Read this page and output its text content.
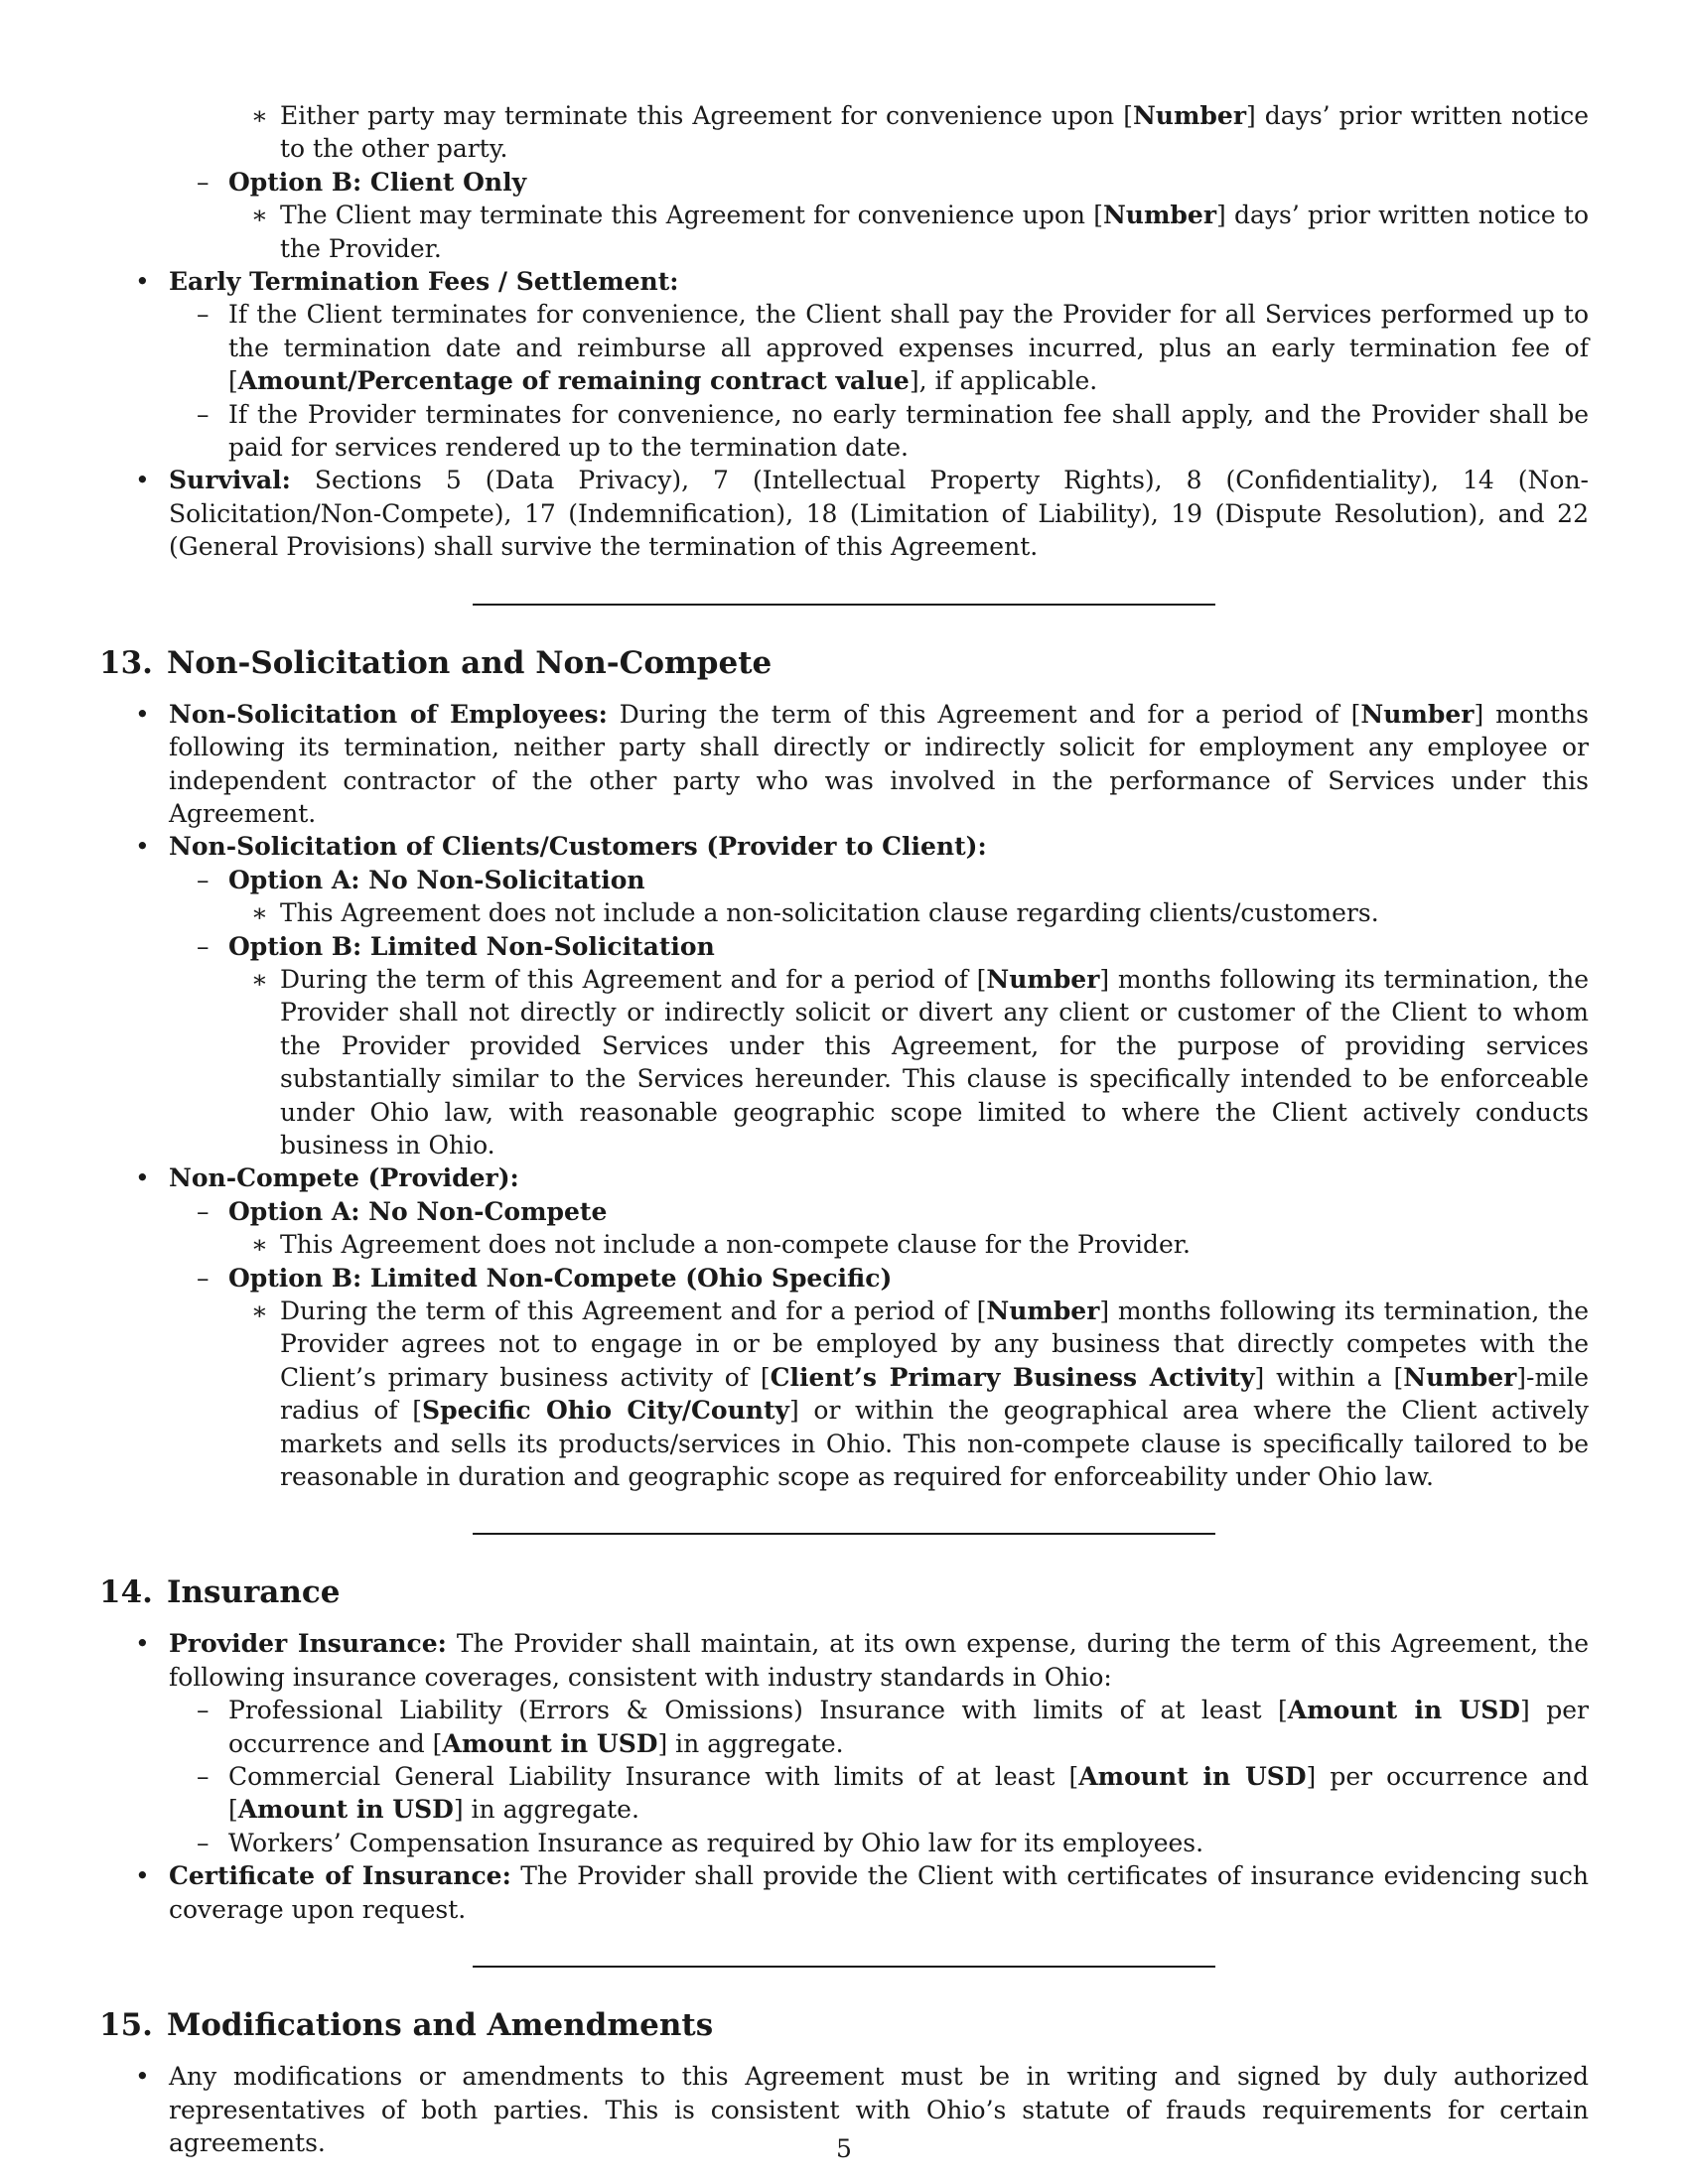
∗ Either party may terminate this Agreement for convenience upon [Number] days’ prior written notice to the other party.
– Option B: Client Only
∗ The Client may terminate this Agreement for convenience upon [Number] days’ prior written notice to the Provider.
• Early Termination Fees / Settlement:
– If the Client terminates for convenience, the Client shall pay the Provider for all Services performed up to the termination date and reimburse all approved expenses incurred, plus an early termination fee of [Amount/Percentage of remaining contract value], if applicable.
– If the Provider terminates for convenience, no early termination fee shall apply, and the Provider shall be paid for services rendered up to the termination date.
• Survival: Sections 5 (Data Privacy), 7 (Intellectual Property Rights), 8 (Confidentiality), 14 (Non-Solicitation/Non-Compete), 17 (Indemnification), 18 (Limitation of Liability), 19 (Dispute Resolution), and 22 (General Provisions) shall survive the termination of this Agreement.
13. Non-Solicitation and Non-Compete
• Non-Solicitation of Employees: During the term of this Agreement and for a period of [Number] months following its termination, neither party shall directly or indirectly solicit for employment any employee or independent contractor of the other party who was involved in the performance of Services under this Agreement.
• Non-Solicitation of Clients/Customers (Provider to Client):
– Option A: No Non-Solicitation
∗ This Agreement does not include a non-solicitation clause regarding clients/customers.
– Option B: Limited Non-Solicitation
∗ During the term of this Agreement and for a period of [Number] months following its termination, the Provider shall not directly or indirectly solicit or divert any client or customer of the Client to whom the Provider provided Services under this Agreement, for the purpose of providing services substantially similar to the Services hereunder. This clause is specifically intended to be enforceable under Ohio law, with reasonable geographic scope limited to where the Client actively conducts business in Ohio.
• Non-Compete (Provider):
– Option A: No Non-Compete
∗ This Agreement does not include a non-compete clause for the Provider.
– Option B: Limited Non-Compete (Ohio Specific)
∗ During the term of this Agreement and for a period of [Number] months following its termination, the Provider agrees not to engage in or be employed by any business that directly competes with the Client’s primary business activity of [Client’s Primary Business Activity] within a [Number]-mile radius of [Specific Ohio City/County] or within the geographical area where the Client actively markets and sells its products/services in Ohio. This non-compete clause is specifically tailored to be reasonable in duration and geographic scope as required for enforceability under Ohio law.
14. Insurance
• Provider Insurance: The Provider shall maintain, at its own expense, during the term of this Agreement, the following insurance coverages, consistent with industry standards in Ohio:
– Professional Liability (Errors & Omissions) Insurance with limits of at least [Amount in USD] per occurrence and [Amount in USD] in aggregate.
– Commercial General Liability Insurance with limits of at least [Amount in USD] per occurrence and [Amount in USD] in aggregate.
– Workers’ Compensation Insurance as required by Ohio law for its employees.
• Certificate of Insurance: The Provider shall provide the Client with certificates of insurance evidencing such coverage upon request.
15. Modifications and Amendments
• Any modifications or amendments to this Agreement must be in writing and signed by duly authorized representatives of both parties. This is consistent with Ohio’s statute of frauds requirements for certain agreements.	5
